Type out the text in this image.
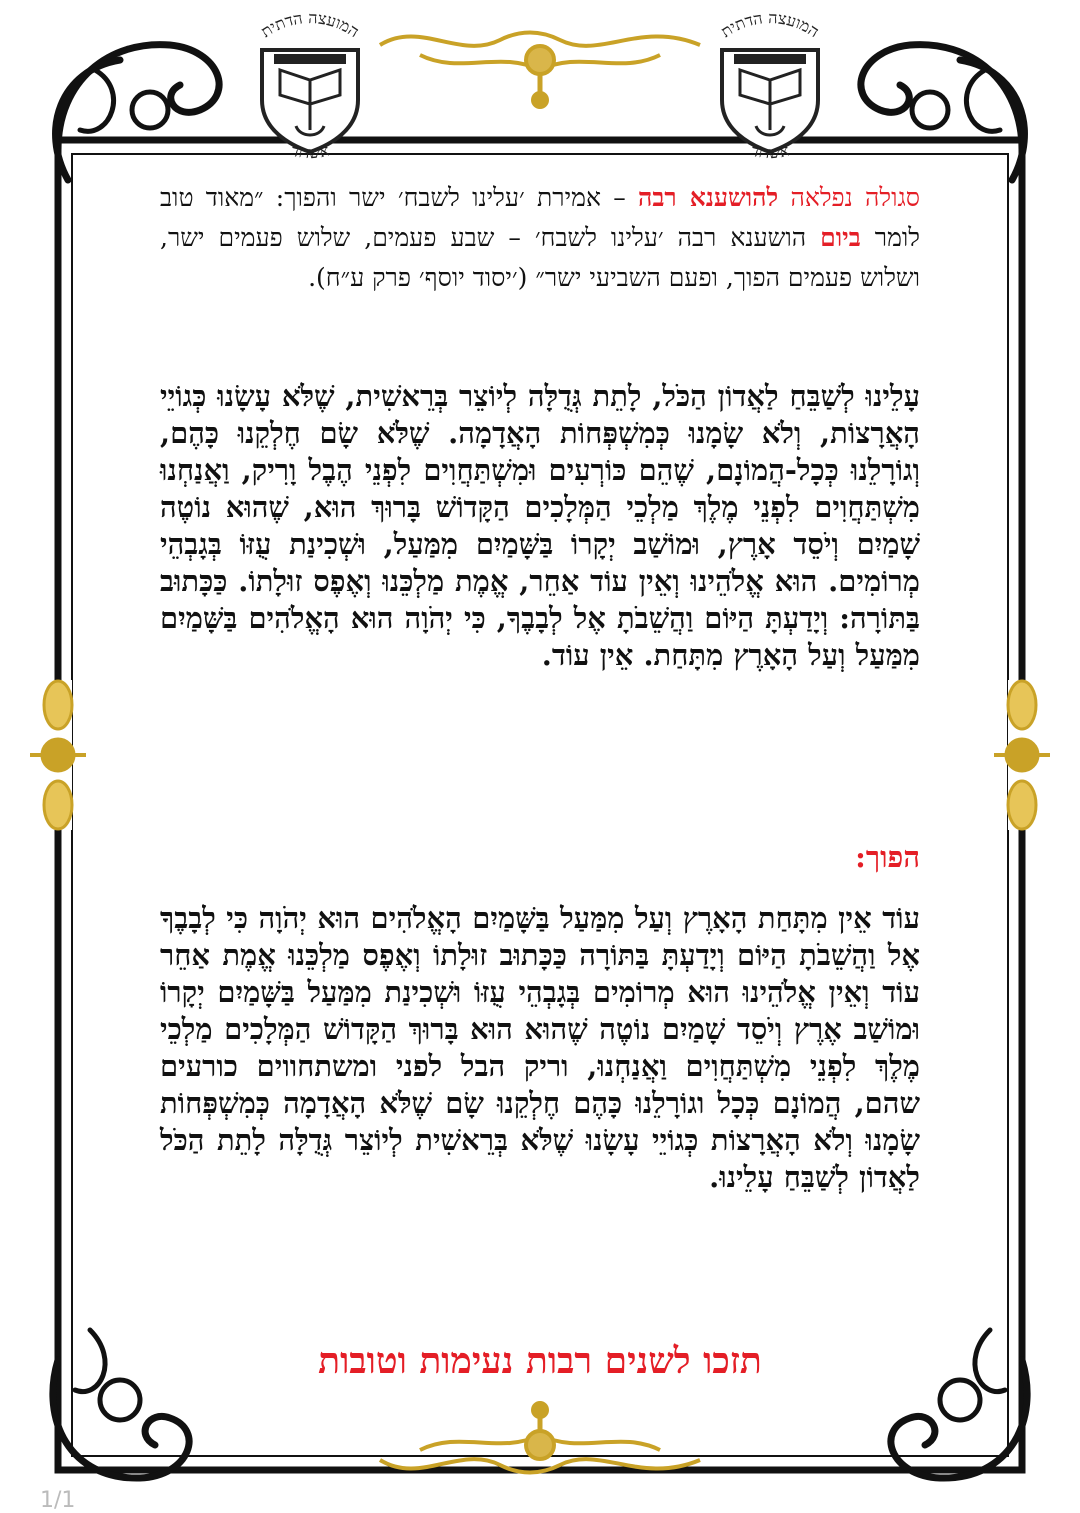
המועצה הדתית
אשדוד
המועצה הדתית
אשדוד
סגולה נפלאה להושענא רבה – אמירת ׳עלינו לשבח׳ ישר והפוך: ״מאוד טוב לומר ביום הושענא רבה ׳עלינו לשבח׳ – שבע פעמים, שלוש פעמים ישר, ושלוש פעמים הפוך, ופעם השביעי ישר״ (׳יסוד יוסף׳ פרק ע״ח).
עָלֵינוּ לְשַׁבֵּחַ לַאֲדוֹן הַכֹּל, לָתֵת גְּדֻלָּה לְיוֹצֵר בְּרֵאשִׁית, שֶׁלֹּא עָשָׂנוּ כְּגוֹיֵי הָאֲרָצוֹת, וְלֹא שָׂמָנוּ כְּמִשְׁפְּחוֹת הָאֲדָמָה. שֶׁלֹּא שָׂם חֶלְקֵנוּ כָּהֶם, וְגוֹרָלֵנוּ כְּכָל-הֲמוֹנָם, שֶׁהֵם כּוֹרְעִים וּמִשְׁתַּחֲוִים לִפְנֵי הֶבֶל וָרִיק, וַאֲנַחְנוּ מִשְׁתַּחֲוִים לִפְנֵי מֶלֶךְ מַלְכֵי הַמְּלָכִים הַקָּדוֹשׁ בָּרוּךְ הוּא, שֶׁהוּא נוֹטֶה שָׁמַיִם וְיֹסֵד אָרֶץ, וּמוֹשַׁב יְקָרוֹ בַּשָּׁמַיִם מִמַּעַל, וּשְׁכִינַת עֻזּוֹ בְּגָבְהֵי מְרוֹמִים. הוּא אֱלֹהֵינוּ וְאֵין עוֹד אַחֵר, אֱמֶת מַלְכֵּנוּ וְאֶפֶס זוּלָתוֹ. כַּכָּתוּב בַּתּוֹרָה: וְיָדַעְתָּ הַיּוֹם וַהֲשֵׁבֹתָ אֶל לְבָבֶךָ, כִּי יְהֹוָה הוּא הָאֱלֹהִים בַּשָּׁמַיִם מִמַּעַל וְעַל הָאָרֶץ מִתָּחַת. אֵין עוֹד.
הפוך:
עוֹד אֵין מִתָּחַת הָאָרֶץ וְעַל מִמַּעַל בַּשָּׁמַיִם הָאֱלֹהִים הוּא יְהֹוָה כִּי לְבָבֶךָ אֶל וַהֲשֵׁבֹתָ הַיּוֹם וְיָדַעְתָּ בַּתּוֹרָה כַּכָּתוּב זוּלָתוֹ וְאֶפֶס מַלְכֵּנוּ אֱמֶת אַחֵר עוֹד וְאֵין אֱלֹהֵינוּ הוּא מְרוֹמִים בְּגָבְהֵי עֻזּוֹ וּשְׁכִינַת מִמַּעַל בַּשָּׁמַיִם יְקָרוֹ וּמוֹשַׁב אֶרֶץ וְיֹסֵד שָׁמַיִם נוֹטֶה שֶׁהוּא הוּא בָּרוּךְ הַקָּדוֹשׁ הַמְּלָכִים מַלְכֵי מֶלֶךְ לִפְנֵי מִשְׁתַּחֲוִים וַאֲנַחְנוּ, וריק הבל לפני ומשתחווים כורעים שהם, הֲמוֹנָם כְּכָל וגוֹרָלֵנוּ כָּהֶם חֶלְקֵנוּ שָׂם שֶׁלֹּא הָאֲדָמָה כְּמִשְׁפְּחוֹת שָׂמָנוּ וְלֹא הָאֲרָצוֹת כְּגוֹיֵי עָשָׂנוּ שֶׁלֹּא בְּרֵאשִׁית לְיוֹצֵר גְּדֻלָּה לָתֵת הַכֹּל לַאֲדוֹן לְשַׁבֵּחַ עָלֵינוּ.
תזכו לשנים רבות נעימות וטובות
1/1
